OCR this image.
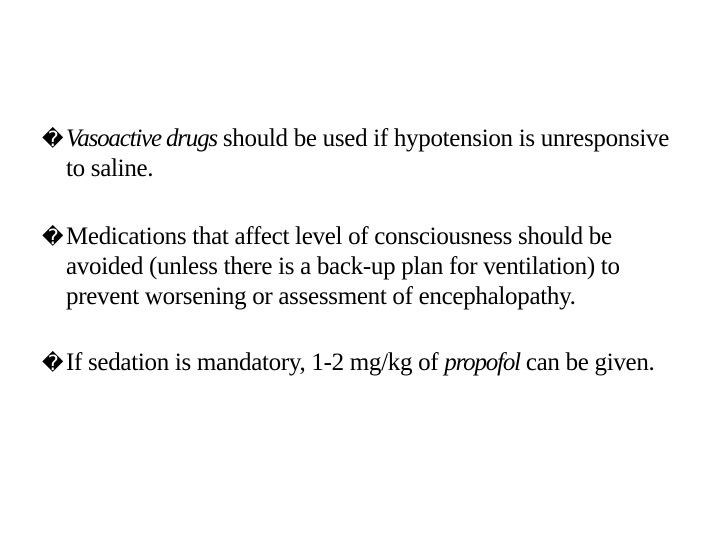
� Vasoactive drugs should be used if hypotension is unresponsive to saline.
� Medications that affect level of consciousness should be avoided (unless there is a back-up plan for ventilation) to prevent worsening or assessment of encephalopathy.
� If sedation is mandatory, 1-2 mg/kg of propofol can be given.
